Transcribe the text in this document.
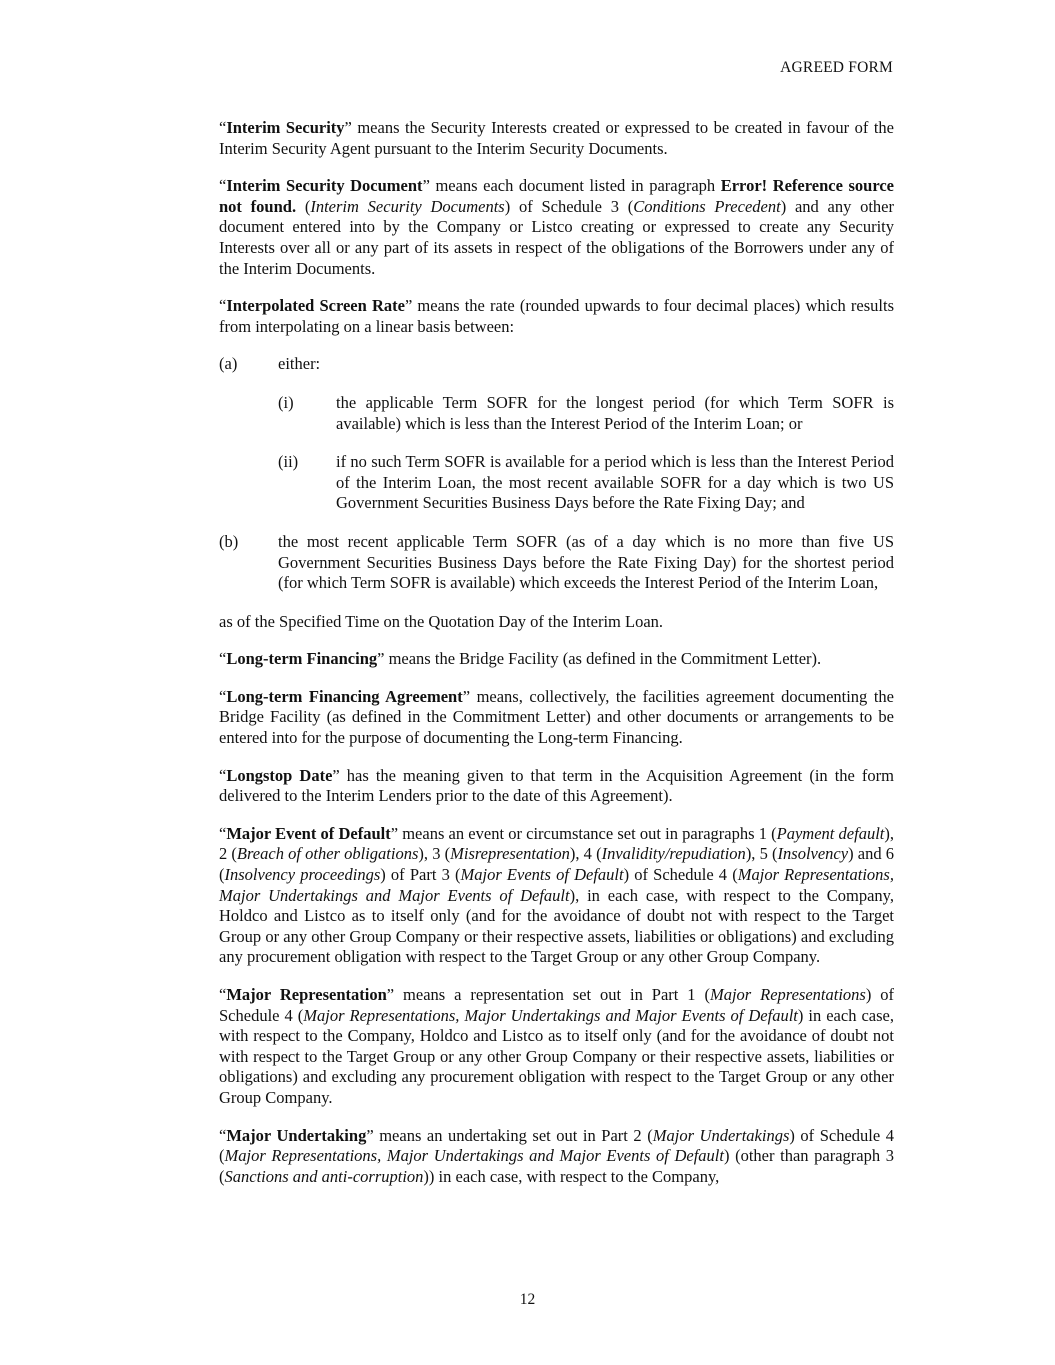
AGREED FORM

“Interim Security” means the Security Interests created or expressed to be created in favour of the Interim Security Agent pursuant to the Interim Security Documents.

“Interim Security Document” means each document listed in paragraph Error! Reference source not found. (Interim Security Documents) of Schedule 3 (Conditions Precedent) and any other document entered into by the Company or Listco creating or expressed to create any Security Interests over all or any part of its assets in respect of the obligations of the Borrowers under any of the Interim Documents.

“Interpolated Screen Rate” means the rate (rounded upwards to four decimal places) which results from interpolating on a linear basis between:

(a)	either:
(i)	the applicable Term SOFR for the longest period (for which Term SOFR is available) which is less than the Interest Period of the Interim Loan; or
(ii)	if no such Term SOFR is available for a period which is less than the Interest Period of the Interim Loan, the most recent available SOFR for a day which is two US Government Securities Business Days before the Rate Fixing Day; and
(b)	the most recent applicable Term SOFR (as of a day which is no more than five US Government Securities Business Days before the Rate Fixing Day) for the shortest period (for which Term SOFR is available) which exceeds the Interest Period of the Interim Loan,

as of the Specified Time on the Quotation Day of the Interim Loan.

“Long-term Financing” means the Bridge Facility (as defined in the Commitment Letter).

“Long-term Financing Agreement” means, collectively, the facilities agreement documenting the Bridge Facility (as defined in the Commitment Letter) and other documents or arrangements to be entered into for the purpose of documenting the Long-term Financing.

“Longstop Date” has the meaning given to that term in the Acquisition Agreement (in the form delivered to the Interim Lenders prior to the date of this Agreement).

“Major Event of Default” means an event or circumstance set out in paragraphs 1 (Payment default), 2 (Breach of other obligations), 3 (Misrepresentation), 4 (Invalidity/repudiation), 5 (Insolvency) and 6 (Insolvency proceedings) of Part 3 (Major Events of Default) of Schedule 4 (Major Representations, Major Undertakings and Major Events of Default), in each case, with respect to the Company, Holdco and Listco as to itself only (and for the avoidance of doubt not with respect to the Target Group or any other Group Company or their respective assets, liabilities or obligations) and excluding any procurement obligation with respect to the Target Group or any other Group Company.

“Major Representation” means a representation set out in Part 1 (Major Representations) of Schedule 4 (Major Representations, Major Undertakings and Major Events of Default) in each case, with respect to the Company, Holdco and Listco as to itself only (and for the avoidance of doubt not with respect to the Target Group or any other Group Company or their respective assets, liabilities or obligations) and excluding any procurement obligation with respect to the Target Group or any other Group Company.

“Major Undertaking” means an undertaking set out in Part 2 (Major Undertakings) of Schedule 4 (Major Representations, Major Undertakings and Major Events of Default) (other than paragraph 3 (Sanctions and anti-corruption)) in each case, with respect to the Company,

12
